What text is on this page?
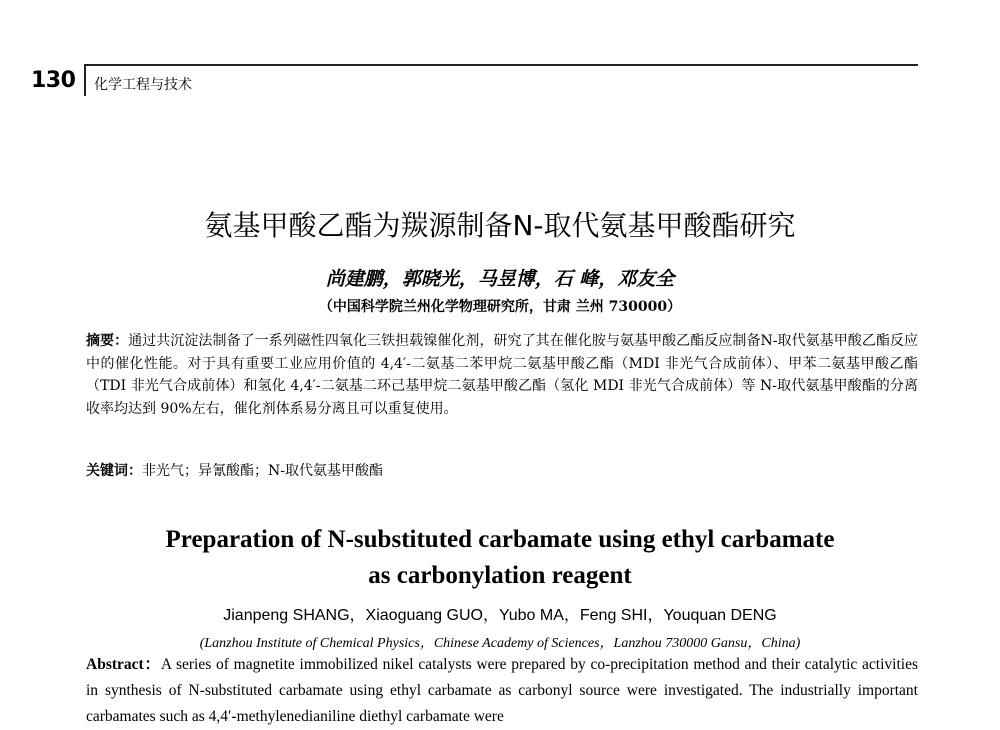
130 化学工程与技术
氨基甲酸乙酯为羰源制备N-取代氨基甲酸酯研究
尚建鹏，郭晓光，马昱博，石 峰，邓友全
（中国科学院兰州化学物理研究所，甘肃 兰州 730000）
摘要：通过共沉淀法制备了一系列磁性四氧化三铁担载镍催化剂，研究了其在催化胺与氨基甲酸乙酯反应制备N-取代氨基甲酸乙酯反应中的催化性能。对于具有重要工业应用价值的 4,4′-二氨基二苯甲烷二氨基甲酸乙酯（MDI 非光气合成前体）、甲苯二氨基甲酸乙酯（TDI 非光气合成前体）和氢化 4,4′-二氨基二环己基甲烷二氨基甲酸乙酯（氢化 MDI 非光气合成前体）等 N-取代氨基甲酸酯的分离收率均达到 90%左右，催化剂体系易分离且可以重复使用。
关键词：非光气；异氰酸酯；N-取代氨基甲酸酯
Preparation of N-substituted carbamate using ethyl carbamate
as carbonylation reagent
Jianpeng SHANG，Xiaoguang GUO，Yubo MA，Feng SHI，Youquan DENG
(Lanzhou Institute of Chemical Physics，Chinese Academy of Sciences，Lanzhou 730000 Gansu，China)
Abstract：A series of magnetite immobilized nikel catalysts were prepared by co-precipitation method and their catalytic activities in synthesis of N-substituted carbamate using ethyl carbamate as carbonyl source were investigated. The industrially important carbamates such as 4,4′-methylenedianiline diethyl carbamate were
